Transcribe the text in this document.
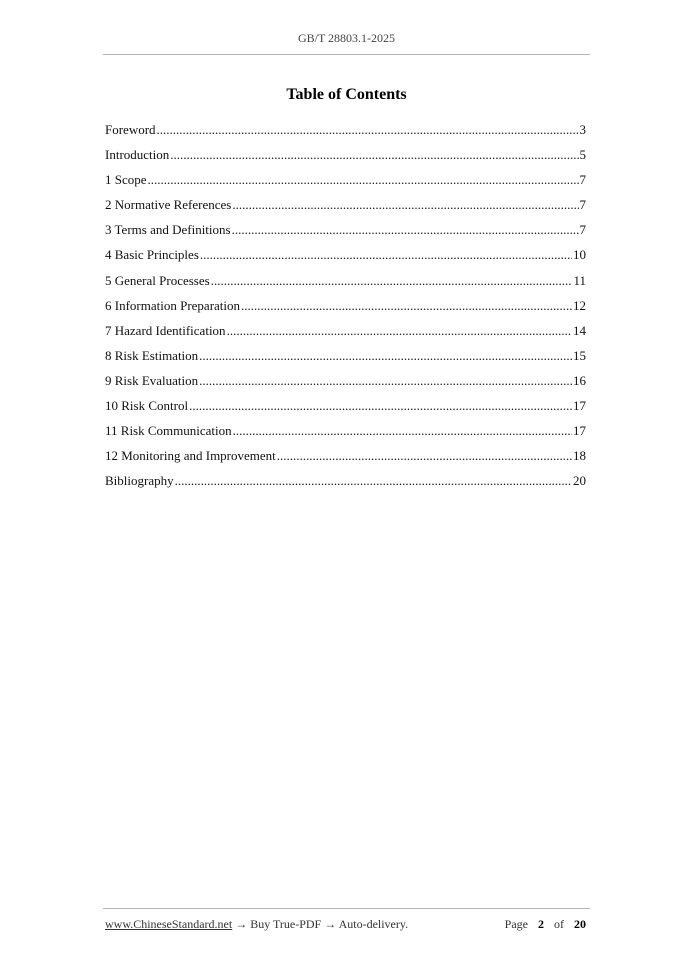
GB/T 28803.1-2025
Table of Contents
Foreword .....	3
Introduction .....	5
1 Scope .....	7
2 Normative References .....	7
3 Terms and Definitions .....	7
4 Basic Principles .....	10
5 General Processes .....	11
6 Information Preparation .....	12
7 Hazard Identification .....	14
8 Risk Estimation .....	15
9 Risk Evaluation .....	16
10 Risk Control .....	17
11 Risk Communication .....	17
12 Monitoring and Improvement .....	18
Bibliography .....	20
www.ChineseStandard.net → Buy True-PDF → Auto-delivery.	Page 2 of 20
